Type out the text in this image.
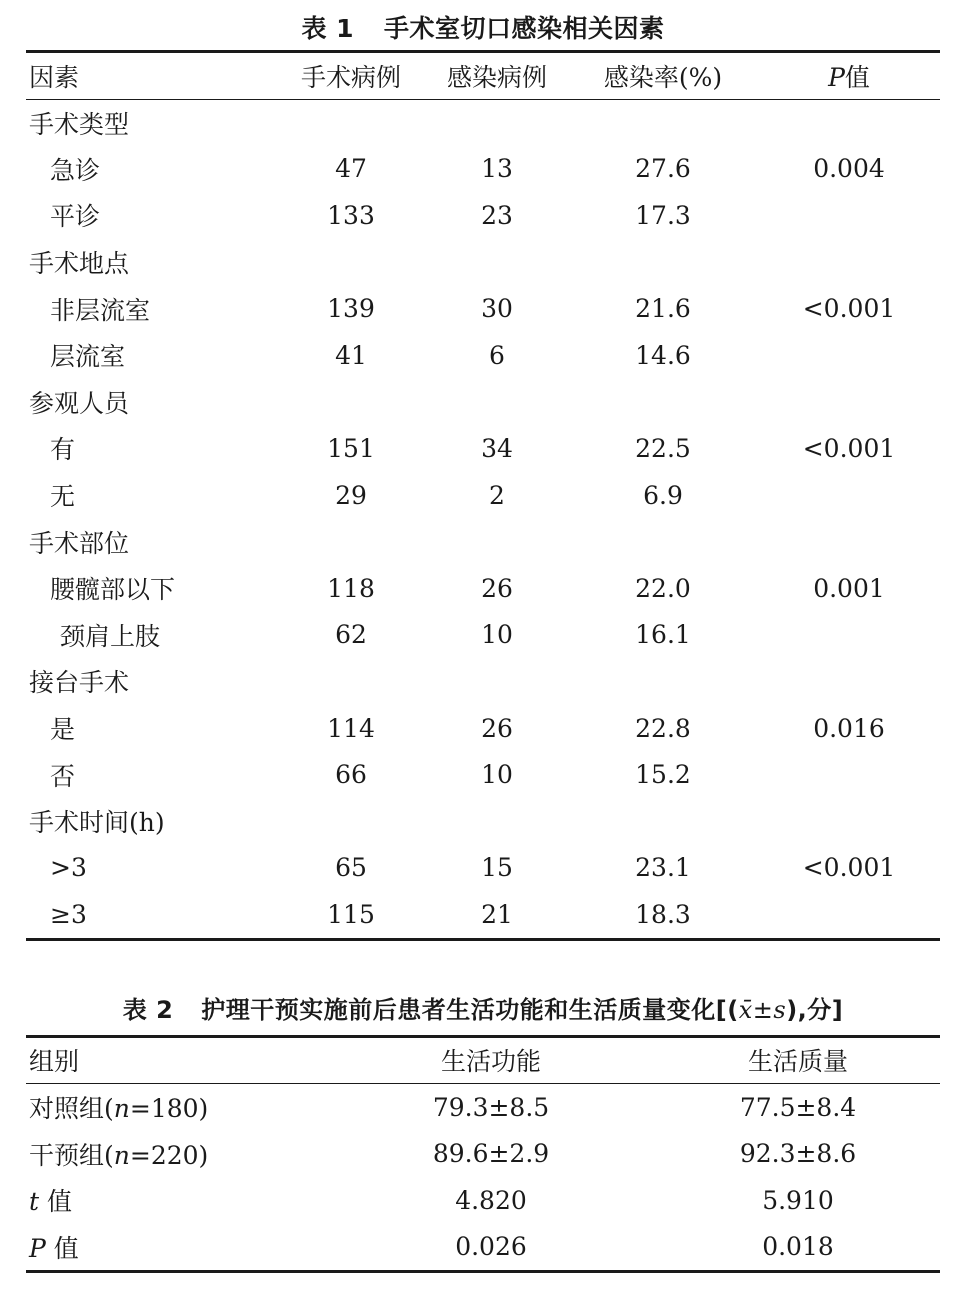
表 1 手术室切口感染相关因素
因素	手术病例	感染病例	感染率(%)	P值
手术类型				
急诊	47	13	27.6	0.004
平诊	133	23	17.3	
手术地点				
非层流室	139	30	21.6	<0.001
层流室	41	6	14.6	
参观人员				
有	151	34	22.5	<0.001
无	29	2	6.9	
手术部位				
腰髋部以下	118	26	22.0	0.001
颈肩上肢	62	10	16.1	
接台手术				
是	114	26	22.8	0.016
否	66	10	15.2	
手术时间(h)				
>3	65	15	23.1	<0.001
≥3	115	21	18.3	
表 2 护理干预实施前后患者生活功能和生活质量变化[(x̄±s),分]
组别	生活功能	生活质量
对照组(n=180)	79.3±8.5	77.5±8.4
干预组(n=220)	89.6±2.9	92.3±8.6
t 值	4.820	5.910
P 值	0.026	0.018
